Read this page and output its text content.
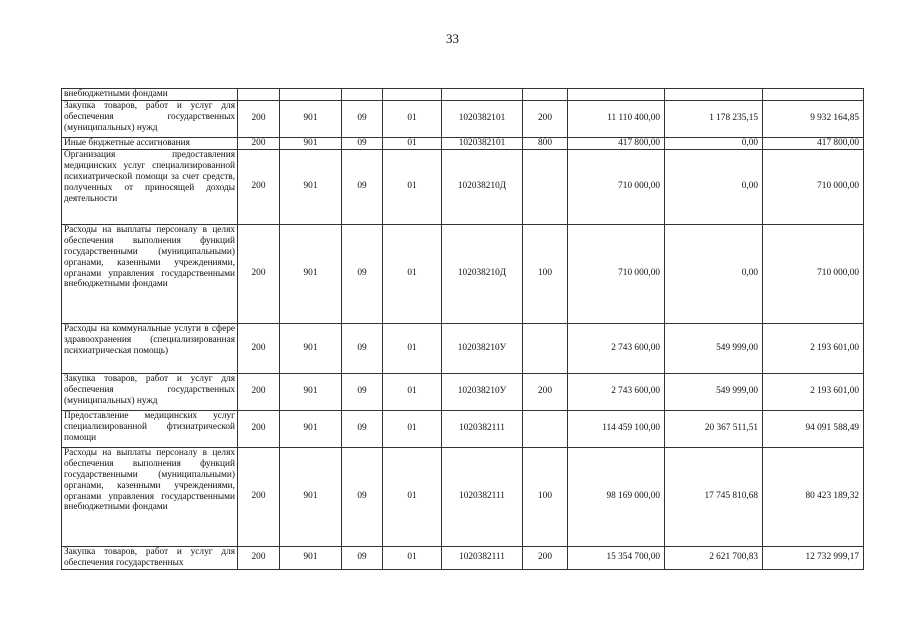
33
внебюджетными фондами									
Закупка товаров, работ и услуг для обеспечения государственных (муниципальных) нужд	200	901	09	01	1020382101	200	11 110 400,00	1 178 235,15	9 932 164,85
Иные бюджетные ассигнования	200	901	09	01	1020382101	800	417 800,00	0,00	417 800,00
Организация предоставления медицинских услуг специализированной психиатрической помощи за счет средств, полученных от приносящей доходы деятельности	200	901	09	01	102038210Д		710 000,00	0,00	710 000,00
Расходы на выплаты персоналу в целях обеспечения выполнения функций государственными (муниципальными) органами, казенными учреждениями, органами управления государственными внебюджетными фондами	200	901	09	01	102038210Д	100	710 000,00	0,00	710 000,00
Расходы на коммунальные услуги в сфере здравоохранения (специализированная психиатрическая помощь)	200	901	09	01	102038210У		2 743 600,00	549 999,00	2 193 601,00
Закупка товаров, работ и услуг для обеспечения государственных (муниципальных) нужд	200	901	09	01	102038210У	200	2 743 600,00	549 999,00	2 193 601,00
Предоставление медицинских услуг специализированной фтизиатрической помощи	200	901	09	01	1020382111		114 459 100,00	20 367 511,51	94 091 588,49
Расходы на выплаты персоналу в целях обеспечения выполнения функций государственными (муниципальными) органами, казенными учреждениями, органами управления государственными внебюджетными фондами	200	901	09	01	1020382111	100	98 169 000,00	17 745 810,68	80 423 189,32
Закупка товаров, работ и услуг для обеспечения государственных	200	901	09	01	1020382111	200	15 354 700,00	2 621 700,83	12 732 999,17
